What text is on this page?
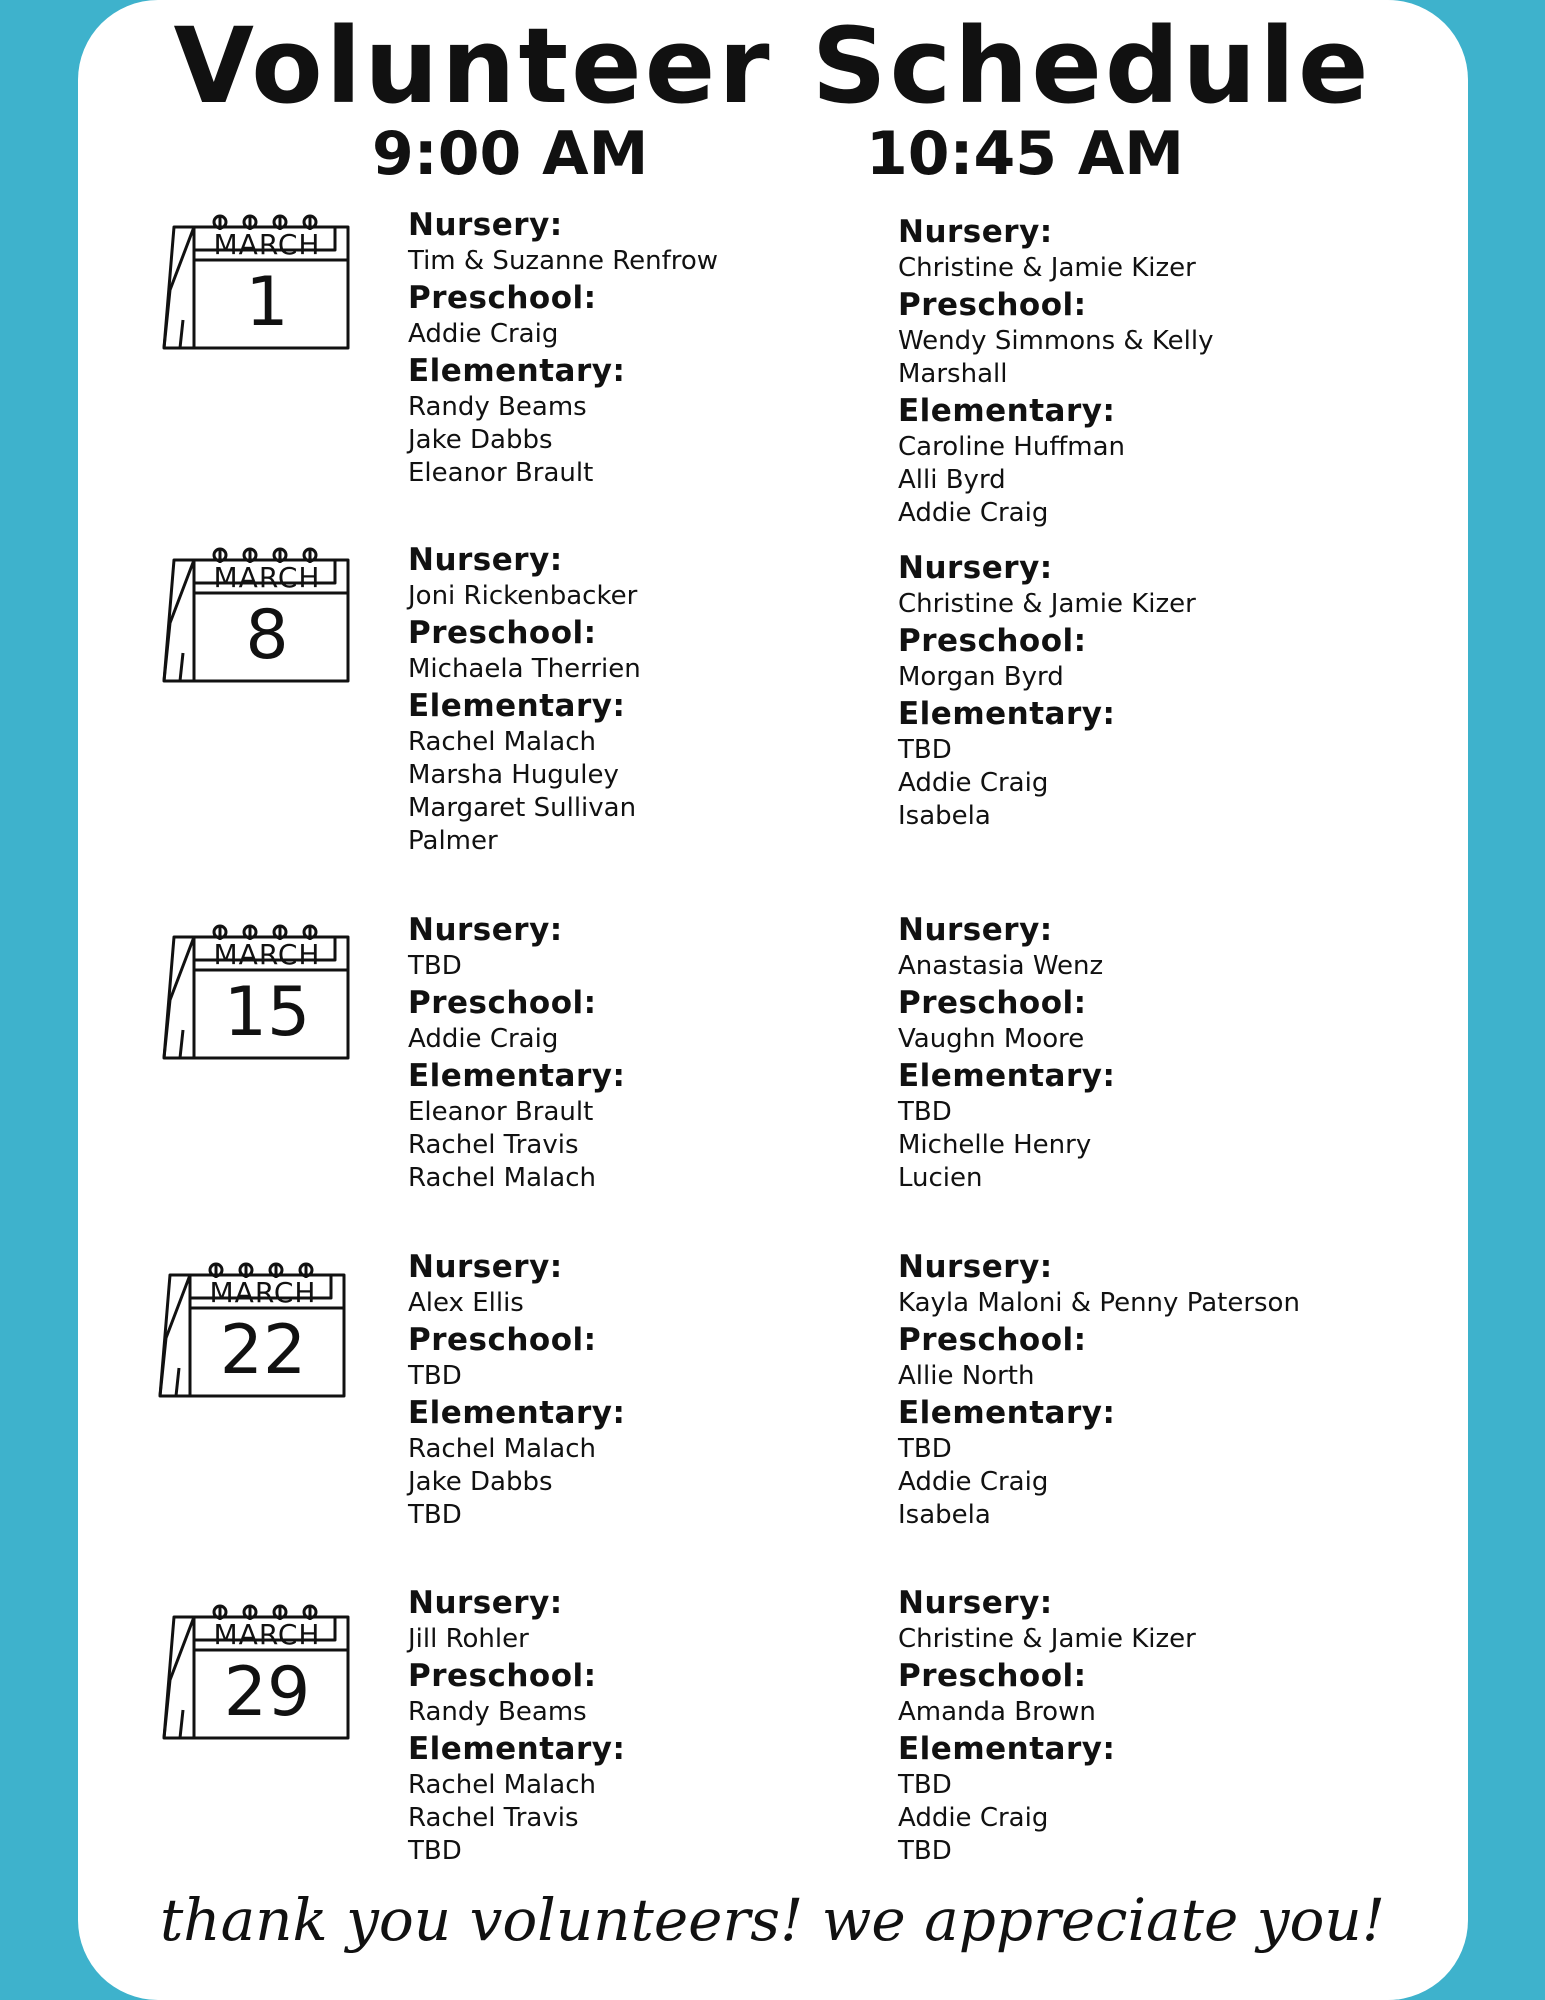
Volunteer Schedule
9:00 AM	10:45 AM
MARCH
1
Nursery:
Tim & Suzanne Renfrow
Preschool:
Addie Craig
Elementary:
Randy Beams
Jake Dabbs
Eleanor Brault
Nursery:
Christine & Jamie Kizer
Preschool:
Wendy Simmons & Kelly Marshall
Elementary:
Caroline Huffman
Alli Byrd
Addie Craig
MARCH
8
Nursery:
Joni Rickenbacker
Preschool:
Michaela Therrien
Elementary:
Rachel Malach
Marsha Huguley
Margaret Sullivan
Palmer
Nursery:
Christine & Jamie Kizer
Preschool:
Morgan Byrd
Elementary:
TBD
Addie Craig
Isabela
MARCH
15
Nursery:
TBD
Preschool:
Addie Craig
Elementary:
Eleanor Brault
Rachel Travis
Rachel Malach
Nursery:
Anastasia Wenz
Preschool:
Vaughn Moore
Elementary:
TBD
Michelle Henry
Lucien
MARCH
22
Nursery:
Alex Ellis
Preschool:
TBD
Elementary:
Rachel Malach
Jake Dabbs
TBD
Nursery:
Kayla Maloni & Penny Paterson
Preschool:
Allie North
Elementary:
TBD
Addie Craig
Isabela
MARCH
29
Nursery:
Jill Rohler
Preschool:
Randy Beams
Elementary:
Rachel Malach
Rachel Travis
TBD
Nursery:
Christine & Jamie Kizer
Preschool:
Amanda Brown
Elementary:
TBD
Addie Craig
TBD
thank you volunteers! we appreciate you!
